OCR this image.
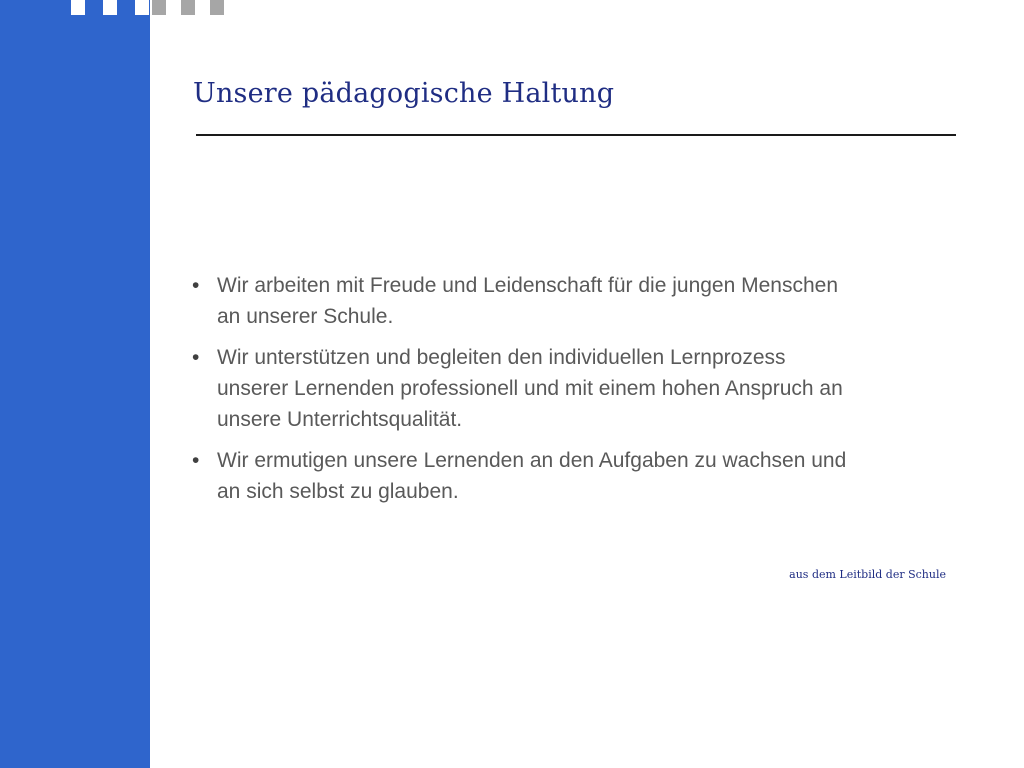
Unsere pädagogische Haltung
• Wir arbeiten mit Freude und Leidenschaft für die jungen Menschen an unserer Schule.
• Wir unterstützen und begleiten den individuellen Lernprozess unserer Lernenden professionell und mit einem hohen Anspruch an unsere Unterrichtsqualität.
• Wir ermutigen unsere Lernenden an den Aufgaben zu wachsen und an sich selbst zu glauben.

aus dem Leitbild der Schule
